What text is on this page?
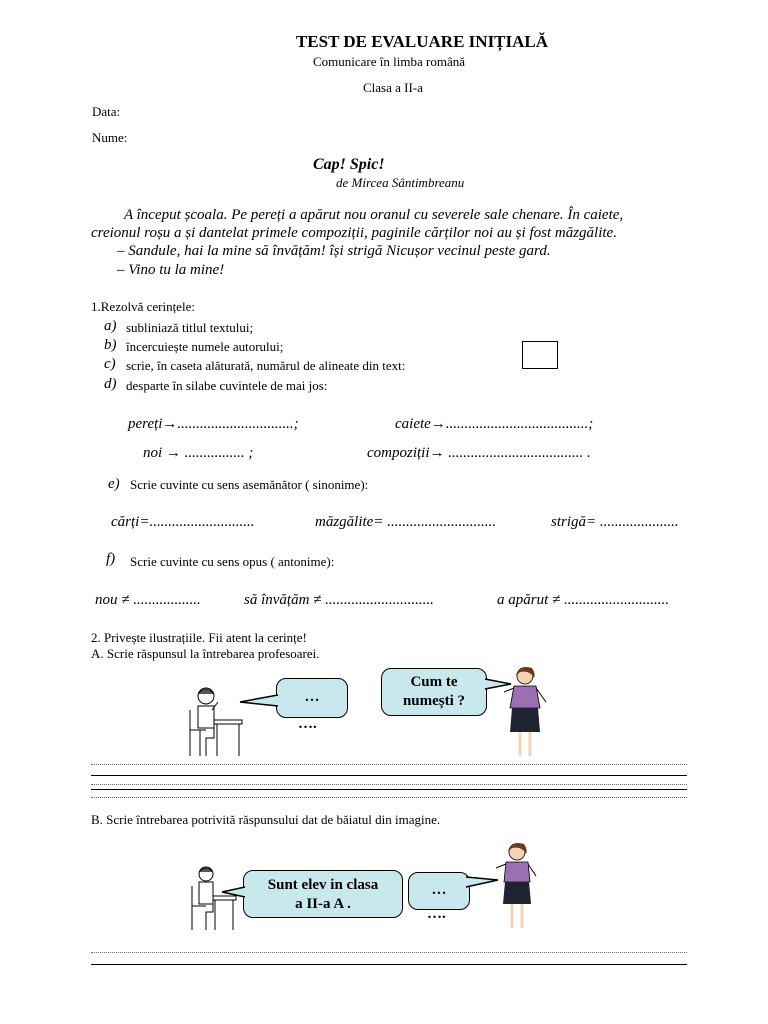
TEST DE EVALUARE INIȚIALĂ
Comunicare în limba română
Clasa a II-a
Data:
Nume:
Cap! Spic!
de Mircea Sântimbreanu
A început școala. Pe pereți a apărut nou oranul cu severele sale chenare. În caiete,
creionul roșu a și dantelat primele compoziții, paginile cărților noi au și fost măzgălite.
– Sandule, hai la mine să învățăm! își strigă Nicușor vecinul peste gard.
– Vino tu la mine!
1.Rezolvă cerințele:
a) subliniază titlul textului;
b) încercuiește numele autorului;
c) scrie, în caseta alăturată, numărul de alineate din text:
d) desparte în silabe cuvintele de mai jos:
pereți→...............................;	caiete→......................................;
noi → ................ ;	compoziții→ .................................... .
e) Scrie cuvinte cu sens asemănător ( sinonime):
cărți=............................	măzgălite= .............................	strigă= .....................
f) Scrie cuvinte cu sens opus ( antonime):
nou ≠ ..................	să învățăm ≠ .............................	a apărut ≠ ............................
2. Privește ilustrațiile. Fii atent la cerințe!
A. Scrie răspunsul la întrebarea profesoarei.
…
….
Cum te
numești ?
B. Scrie întrebarea potrivită răspunsului dat de băiatul din imagine.
Sunt elev in clasa
a II-a A .
…
….
